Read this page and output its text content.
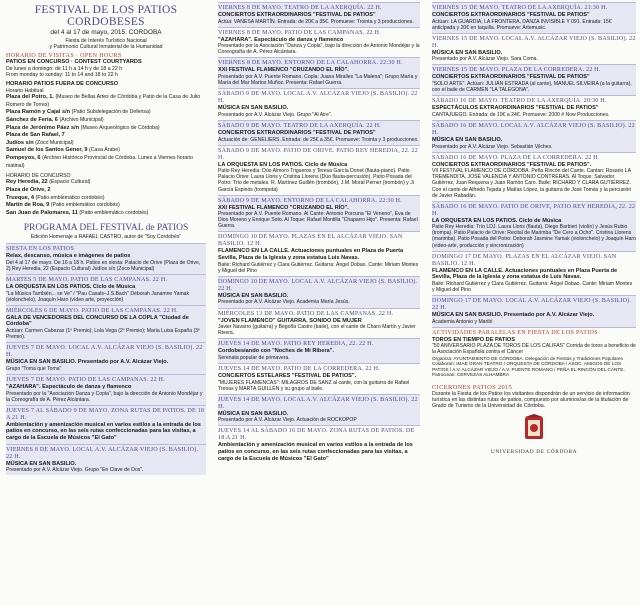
FESTIVAL DE LOS PATIOS CORDOBESES
del 4 al 17 de mayo, 2015. CORDOBA
Fiesta de Interés Turístico Nacional
y Patrimonio Cultural Inmaterial de la Humanidad
HORARIO DE VISITAS · OPEN HOURS
PATIOS EN CONCURSO · CONTEST COURTYARDS
De lunes a domingo: de 11 h a 14 h y de 18 a 22 h
From monday to sunday: 11 to 14 and 18 to 22 h
HORARIO PATIOS FUERA DE CONCURSO
Horario Habitual
Plaza del Potro, 1. (Museo de Bellas Artes de Córdoba y Patio de la Casa de Julio Romero de Torres)
Plaza Ramón y Cajal s/n (Patio Subdelegación de Defensa)
Sánchez de Feria, 6 (Archivo Municipal)
Plaza de Jerónimo Páez s/n (Museo Arqueológico de Córdoba)
Plaza de San Rafael, 7
Judíos s/n (Zoco Municipal)
Samuel de los Santos Gener, 9 (Casa Árabe)
Pompeyos, 6 (Archivo Histórico Provincial de Córdoba. Lunes a Viernes horario matinal)
HORARIO DE CONCURSO
Rey Heredia, 22 (Espacio Cultural)
Plaza de Orive, 2
Trueque, 4 (Patio emblemático cordobés)
Martín de Roa, 9 (Patio emblemático cordobés)
San Juan de Palomares, 11 (Patio emblemático cordobés)
PROGRAMA DEL FESTIVAL de PATIOS
Edición Homenaje a RAFAEL CASTRO, autor de "Soy Cordobés"
SIESTA EN LOS PATIOS
Relax, descanso, música e imágenes de patios
Del 4 al 17 de mayo. De 16 a 18 h. Patios en siesta: Palacio de Orive (Plaza de Orive, 2) Rey Heredia, 22 (Espacio Cultural) Judíos s/n (Zoco Municipal)
MARTES 5 DE MAYO. PATIO DE LAS CAMPANAS. 22 H.
LA ORQUESTA EN LOS PATIOS. Ciclo de Música
"La Música También... se Ve" / "Pau Casals–J.S.Bach" Déborah Janamne Yamak (violonchelo), Joaquín Haro (vídeo arte, proyección)
MIÉRCOLES 6 DE MAYO. PATIO DE LAS CAMPANAS. 22 H.
GALA DE VENCEDORES DEL CONCURSO DE LA COPLA "Ciudad de Córdoba"
Actúan: Carmen Cabezas (1º Premio); Lola Vega (2º Premio); María Luisa España (3º Premio).
JUEVES 7 DE MAYO. LOCAL A.V. ALCÁZAR VIEJO (S. BASILIO). 22 H.
MÚSICA EN SAN BASILIO. Presentado por A.V. Alcázar Viejo.
Grupo "Toma que Toma"
JUEVES 7 DE MAYO. PATIO DE LAS CAMPANAS. 22 H.
"AZAHARA". Espectáculo de danza y flamenco
Presentado por la "Asociación Danza y Copla", bajo la dirección de Antonio Mondéjar y la Coreografía de A. Pérez Alcántara.
JUEVES 7 AL SÁBADO 9 DE MAYO. ZONA RUTAS DE PATIOS. DE 18 A 21 H.
Ambientación y amenización musical en varios estilos a la entrada de los patios en concurso, en las seis rutas confeccionadas para las visitas, a cargo de la Escuela de Músicos "El Gato"
VIERNES 8 DE MAYO. LOCAL A.V. ALCÁZAR VIEJO (S. BASILIO). 22 H.
MÚSICA EN SAN BASILIO.
Presentado por A.V. Alcázar Viejo. Grupo "En Clave de Dos".
VIERNES 8 DE MAYO. TEATRO DE LA AXERQUÍA. 22 H.
CONCIERTOS EXTRAORDINARIOS "FESTIVAL DE PATIOS"
Actúa: VANESA MARTÍN. Entrada: de 20€ a 35€. Promueve: Trointa y 3 producciones.
VIERNES 8 DE MAYO. PATIO DE LAS CAMPANAS. 22 H.
"AZAHARA". Espectáculo de danza y flamenco
Presentado por la Asociación "Danza y Copla", bajo la dirección de Antonio Mondéjar y la Coreografía de A. Pérez Alcántara.
VIERNES 8 DE MAYO. ENTORNO DE LA CALAHORRA. 22:30 H.
XXI FESTIVAL FLAMENCO "CRUZANDO EL RÍO".
Presentado por A.V. Puente Romano. Copla: Juana Miralles "La Malena"; Grupo María y María del Mar Martos Muñoz. Presenta: Rafael Guerra.
SÁBADO 9 DE MAYO. LOCAL A.V. ALCÁZAR VIEJO (S. BASILIO). 22 H.
MÚSICA EN SAN BASILIO.
Presentado por A.V. Alcázar Viejo. Grupo "Al Aire".
SÁBADO 9 DE MAYO. TEATRO DE LA AXERQUÍA. 22 H.
CONCIERTOS EXTRAORDINARIOS "FESTIVAL DE PATIOS"
Actuación de: GENELIERS. Entrada: de 25€ a 35€. Promueve: Trointa y 3 producciones.
SÁBADO 9 DE MAYO. PATIO DE ORIVE. PATIO REY HEREDIA, 22. 22 H.
LA ORQUESTA EN LOS PATIOS. Ciclo de Música
Patio Rey Heredia: Dúo Almoro Trigueros y Teresa García Donet (flauta-piano). Patio Palacio Orive: Laura Lloris y Cristina Llorens (Dúo flauta-percusión). Patio Posada del Potro: Trío de metales. R. Martínez Guillén (trombón), J.M. Moral Perner (trombón) y Ji García Espinós (trompeta)
SÁBADO 9 DE MAYO. ENTORNO DE LA CALAHORRA. 22:30 H.
XXI FESTIVAL FLAMENCO "CRUZANDO EL RÍO".
Presentado por A.V. Puente Romano. Al Cante: Antonio Porcuna "El Veneno", Eva de Dios Moreno y Enrique Soto. Al Toque: Rafael Montilla "Chaparro Hijo". Presenta: Rafael Guerra.
DOMINGO 10 DE MAYO. PLAZAS EN EL ALCÁZAR VIEJO. SAN BASILIO. 12 H.
FLAMENCO EN LA CALLE. Actuaciones puntuales en Plaza de Puerta Sevilla, Plaza de la Iglesia y zona estatua Luis Navas.
Baile: Richard Gutiérrez y Clara Gutiérrez. Guitarra: Ángel Dobao. Cante: Miriam Montes y Miguel del Pino
DOMINGO 10 DE MAYO. LOCAL A.V. ALCÁZAR VIEJO (S. BASILIO). 22 H.
MÚSICA EN SAN BASILIO.
Presentado por A.V. Alcázar Viejo. Academia María Jesús.
MIÉRCOLES 13 DE MAYO. PATIO DE LAS CAMPANAS. 22 H.
"JOVEN FLAMENCO" GUITARRA, SONIDO DE MUJER
Javier Navarro (guitarra) y Begoña Castro (baile), con el cante de Charo Martín y Javier Rivera.
JUEVES 14 DE MAYO. PATIO REY HEREDIA, 22. 22 H.
Cordobesiando con "Noches de Mi Ribera".
Serenata popular de primavera.
JUEVES 14 DE MAYO. PATIO DE LA CORREDERA. 22 H.
CONCIERTOS ESTELARES "FESTIVAL DE PATIOS".
"MUJERES FLAMENCAS": MILAGROS DE SANZ al cante, con la guitarra de Rafael Trenas y MARTA GUILLÉN y su grupo al baile.
JUEVES 14 DE MAYO. LOCAL A.V. ALCÁZAR VIEJO (S. BASILIO). 22 H.
MÚSICA EN SAN BASILIO.
Presentado por A.V. Alcázar Viejo. Actuación de ROCKOPOP
JUEVES 14 AL SÁBADO 16 DE MAYO. ZONA RUTAS DE PATIOS. DE 18 A 21 H.
Ambientación y amenización musical en varios estilos a la entrada de los patios en concurso, en las seis rutas confeccionadas para las visitas, a cargo de la Escuela de Músicos "El Gato"
VIERNES 15 DE MAYO. TEATRO DE LA AXERQUÍA. 21:30 H.
CONCIERTOS EXTRAORDINARIOS "FESTIVAL DE PATIOS"
Actúan: LA GUARDIA, LA FRONTERA, DANZA INVISIBLE Y 091. Entrada: 15€ anticipada y 20€ en taquilla. Promueve: Artemusic.
VIERNES 15 DE MAYO. LOCAL A.V. ALCÁZAR VIEJO (S. BASILIO). 22 H.
MÚSICA EN SAN BASILIO.
Presentado por A.V. Alcázar Viejo. Sara Coma.
VIERNES 15 DE MAYO. PLAZA DE LA CORREDERA. 22 H.
CONCIERTOS EXTRAORDINARIOS "FESTIVAL DE PATIOS"
"SOLO ARTE". Actúan: JULIÁN ESTRADA (al cante), MANUEL SILVEIRA (a la guitarra), con el baile de CARMEN "LA TALEGONA".
SÁBADO 16 DE MAYO. TEATRO DE LA AXERQUÍA. 20:30 H.
ESPECTÁCULOS EXTRAORDINARIOS "FESTIVAL DE PATIOS"
CANTAJUEGO. Entrada: de 19€ a 24€. Promueve: 2000 # Now Producciones.
SÁBADO 16 DE MAYO. LOCAL A.V. ALCÁZAR VIEJO (S. BASILIO). 22 H.
MÚSICA EN SAN BASILIO.
Presentado por A.V. Alcázar Viejo. Sebastián Vilches.
SÁBADO 16 DE MAYO. PLAZA DE LA CORREDERA. 22 H.
CONCIERTOS EXTRAORDINARIOS "FESTIVAL DE PATIOS".
VII FESTIVAL FLAMENCO DE CÓRDOBA. Peña Rincón del Cante. Cantan: Rosario LA TREMENDITA, JOSÉ VALENCIA Y ANTONIO CONTRERAS. Al Toque: Salvador Gutiérrez, Juan Requena y Juan Ramón Caro. Baile: RICHARD Y CLARA GUTIÉRREZ. Con el cante de Alfredo Tejada y Matías López, la guitarra de José Tomás y la percusión de Javier Rabadán.
SÁBADO 16 DE MAYO. PATIO DE ORIVE, PATIO REY HEREDIA, 22. 22 H.
LA ORQUESTA EN LOS PATIOS. Ciclo de Música
Patio Rey Heredia: Trío LDJ. Laura Lloris (flauta), Diego Barbieri (violín) y Jesús Rubio (trompa). Patio Palacio de Orive: Recital de Marimba "De Cero a Ocho". Cristina Llorens (marimba). Patio Posada del Potro: Deborah Jasmine Yamak (violonchelo) y Joaquín Haro (vídeo-arte, producción y sincronización)
DOMINGO 17 DE MAYO. PLAZAS EN EL ALCÁZAR VIEJO. SAN BASILIO. 12 H.
FLAMENCO EN LA CALLE. Actuaciones puntuales en Plaza Puerta de Sevilla, Plaza de la Iglesia y zona estatua de Luis Navas.
Baile: Richard Gutiérrez y Clara Gutiérrez. Guitarra: Ángel Dobao. Cante: Miriam Montes y Miguel del Pino
DOMINGO 17 DE MAYO. LOCAL A.V. ALCÁZAR VIEJO (S. BASILIO). 22 H.
MÚSICA EN SAN BASILIO. Presentado por A.V. Alcázar Viejo.
Academia Antonio y Maribí
ACTIVIDADES PARALELAS EN FIESTA DE LOS PATIOS
TOROS EN TIEMPO DE PATIOS
"50 ANIVERSARIO PLAZA DE TOROS DE LOS CALIFAS" Corrida de toros a beneficio de la Asociación Española contra el Cáncer
Organiza: AYUNTAMIENTO DE CÓRDOBA. Delegación de Fiestas y Tradiciones Populares
Colaboran: IMAE GRAN TEATRO / ORQUESTA DE CÓRDOBA / ASOC. AMIGOS DE LOS PATIOS / A.V. ALCÁZAR VIEJO / A.V. PUENTE ROMANO / PEÑA EL RINCÓN DEL CANTE.
Patrocinan: CERVEZAS ALHAMBRA
CICERONES PATIOS 2015
Durante la Fiesta de los Patios los visitantes dispondrán de un servicio de información turística en las distintas rutas de patios, compuesto por alumnos/as de la titulación de Grado de Turismo de la Universidad de Córdoba.
UNIVERSIDAD DE CÓRDOBA
